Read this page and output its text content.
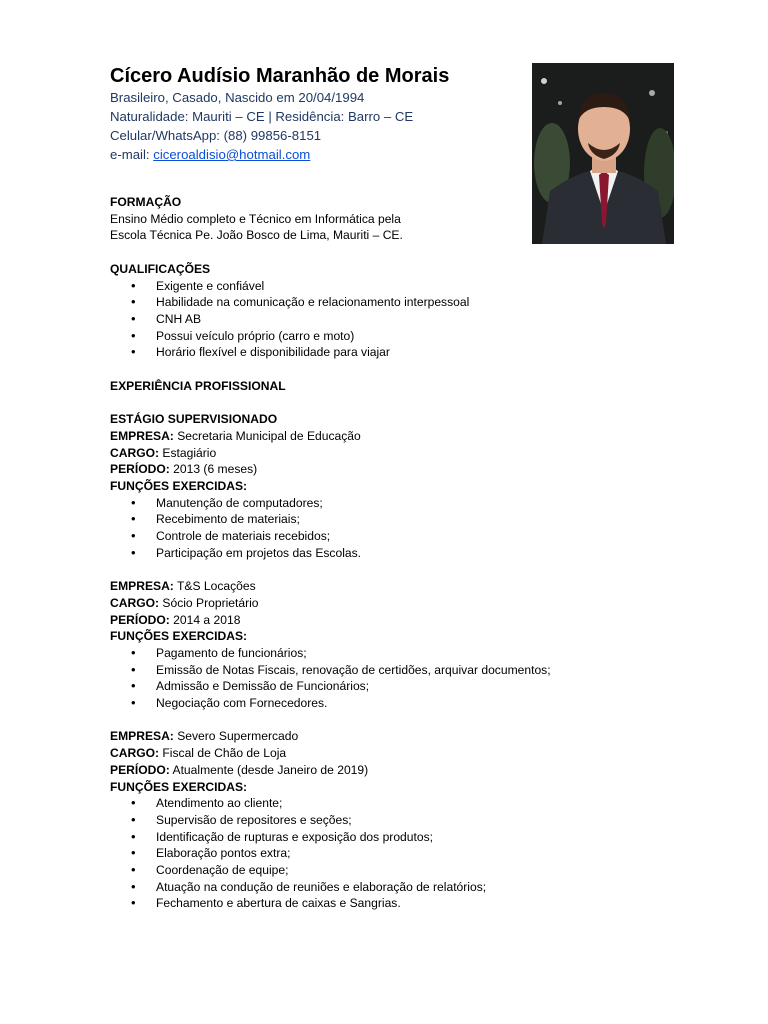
Cícero Audísio Maranhão de Morais

Brasileiro, Casado, Nascido em 20/04/1994
Naturalidade: Mauriti – CE | Residência: Barro – CE
Celular/WhatsApp: (88) 99856-8151
e-mail: ciceroaldisio@hotmail.com

FORMAÇÃO

Ensino Médio completo e Técnico em Informática pela

Escola Técnica Pe. João Bosco de Lima, Mauriti – CE.

QUALIFICAÇÕES

• Exigente e confiável
• Habilidade na comunicação e relacionamento interpessoal
• CNH AB
• Possui veículo próprio (carro e moto)
• Horário flexível e disponibilidade para viajar

EXPERIÊNCIA PROFISSIONAL

ESTÁGIO SUPERVISIONADO

EMPRESA: Secretaria Municipal de Educação

CARGO: Estagiário

PERÍODO: 2013 (6 meses)

FUNÇÕES EXERCIDAS:

• Manutenção de computadores;
• Recebimento de materiais;
• Controle de materiais recebidos;
• Participação em projetos das Escolas.

EMPRESA: T&S Locações

CARGO: Sócio Proprietário

PERÍODO: 2014 a 2018

FUNÇÕES EXERCIDAS:

• Pagamento de funcionários;
• Emissão de Notas Fiscais, renovação de certidões, arquivar documentos;
• Admissão e Demissão de Funcionários;
• Negociação com Fornecedores.

EMPRESA: Severo Supermercado

CARGO: Fiscal de Chão de Loja

PERÍODO: Atualmente (desde Janeiro de 2019)

FUNÇÕES EXERCIDAS:

• Atendimento ao cliente;
• Supervisão de repositores e seções;
• Identificação de rupturas e exposição dos produtos;
• Elaboração pontos extra;
• Coordenação de equipe;
• Atuação na condução de reuniões e elaboração de relatórios;
• Fechamento e abertura de caixas e Sangrias.
